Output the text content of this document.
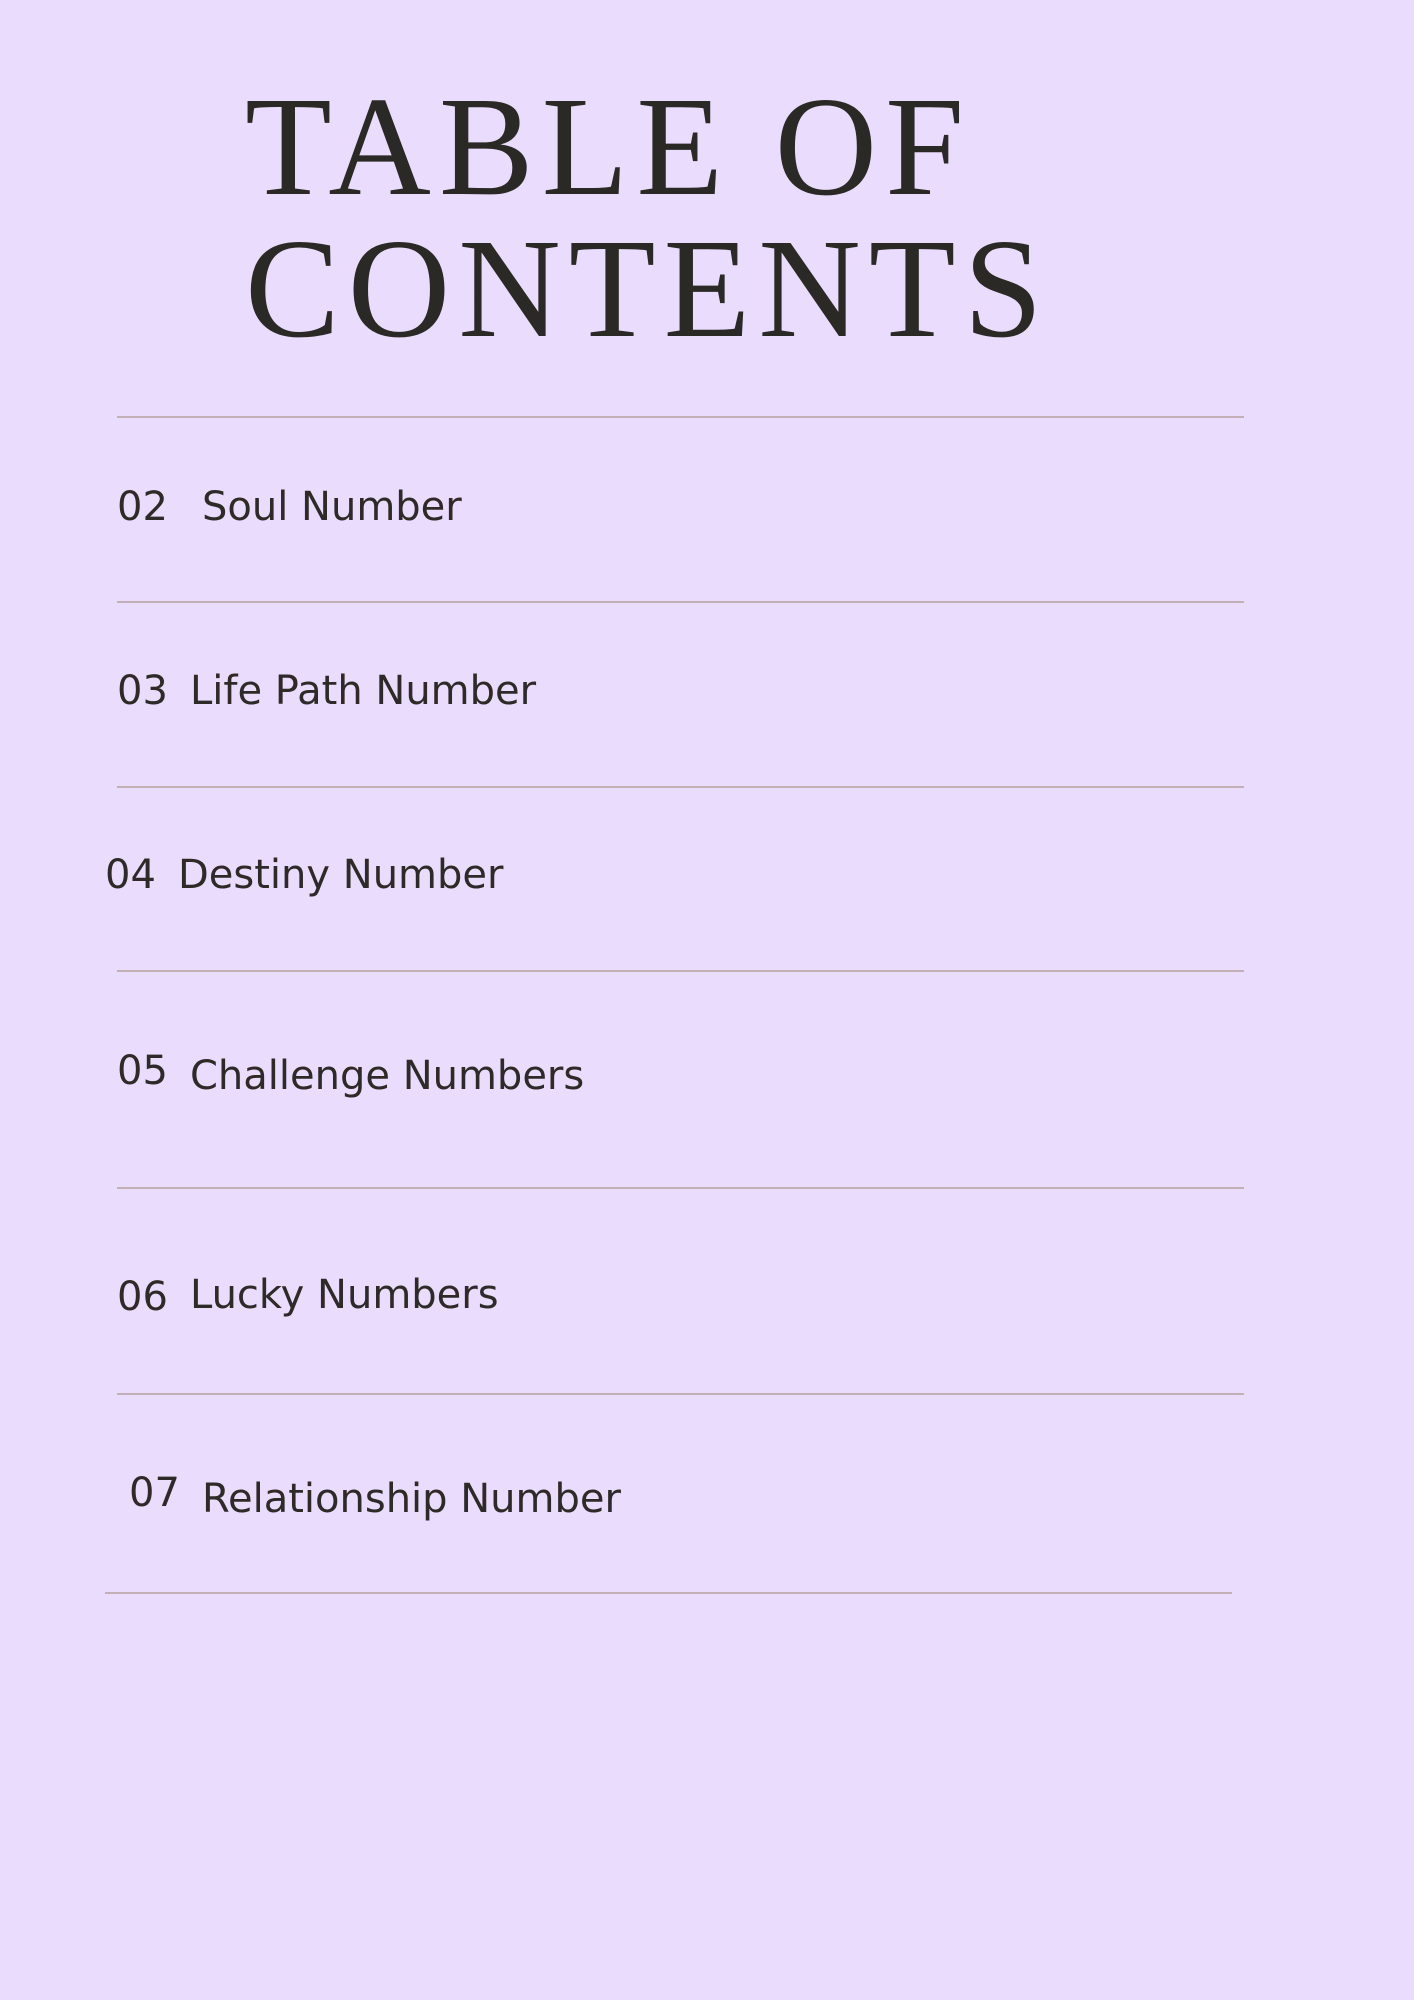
TABLE OF
CONTENTS
02 Soul Number
03 Life Path Number
04 Destiny Number
05 Challenge Numbers
06 Lucky Numbers
07 Relationship Number
